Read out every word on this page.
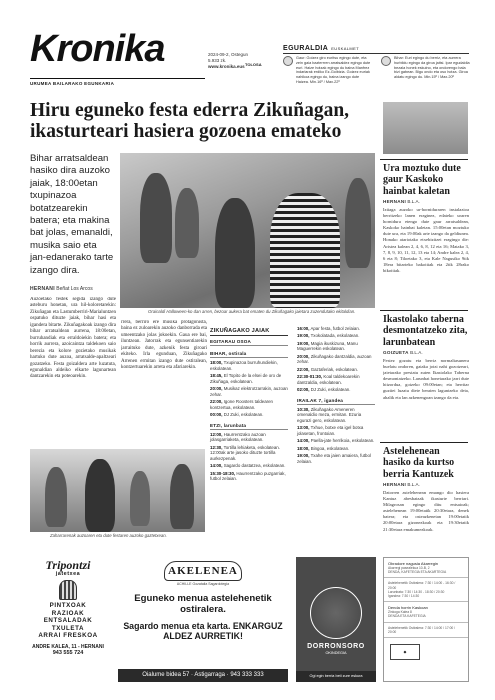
Kronika	2024-09-2, Ostegun
5.933 zk.
www.kronika.eus TOLOSA
URUMEA BAILARAKO EGUNKARIA
EGURALDIA EUSKALMET
Gaur: Goizez giro euritsu egingo dute, eta zein gaia bazterrren arratsaldez egingo dute euri. Haize hotzak egingo du baina Manfrez indarlarak erdiko Ez-Goibizia. Goizez euriak nahikoa egingo du, baina izango dute Haizea. Min.16º / Max.22º
Bihar: Euri egingo du berriz, eta aurrera hurbildu egingo da giroa jaitsi. Ipar egudaldia bezala honek eskuino, eta ondorengo bala bizi gabean. Bigu ondo eta oso hotza. Giroa aldatu egingo du. Min.15º / Max.20º
Hiru eguneko festa ederra Zikuñagan, ikasturteari hasiera gozoena emateko
Bihar arratsaldean hasiko dira auzoko jaiak, 18:00etan txupinazoa botatzearekin batera; eta makina bat jolas, emanaldi, musika saio eta jan-edanerako tarte izango dira.
HERNANI Beñat Los Arcos
Auzoetako festek segida izango dute asteburu honetan, ura hil-koloretarekin: Zikuñagan eta Lastumberriri-Marialuntzen ospatuko dituzte jaiak, bihar hasi eta igandera bitarte. Zikuñagakoak izango dira bihar arratsaldean aurrena, 18:00etan, burruhandiak eta erraldoiekin batera; eta horrik aurrera, azoicaintza taldekoen saio berezia eta kolore gozietako musikak hartuko dute auzoa, arratsalde-apaltzeari gozatzeko. Festa goizaldera arte luzatuta, egunaldian aldeiko elkarte lagunartean dantzarekin eta poteoarekin.
rrera, berriro ere musika protagonista, baina ez zuloarekin auzoko danborrada eta umeentzako jolas jokoekin. Gaua ere bai, iluntzean. Jatorrak eta egunsentiarekin jarraituko dute, azkenik festa giroari ekiteko. Irla egunduan, Zikuñagako Arrenen ermitan izango dute ostiralean, kontzertuarekin arreta eta afariarekin.
Orainaldi Halloween-ko dan arren, bezoar aukera bat ematen du Zikuñagako jaietara zuzendutako ekitaldian.
Zaharrarenak auzoaren eta dute festaren auzoko gaztetxean.
ZIKUÑAGAKO JAIAK
EGITARAU OSOA
BIHAR, ostirala
18:00, Txupinazoa burruhundiekin, eskolatean.
18:45, El Topito de la elsei de oro de Zikuñaga, eskolatean.
20:00, Musikaz elektrotzarrakin, auzoan zehar.
22:00, Igone Roosters taldearen kontzertua, eskolatean.
00:00, DJ Zuki, eskolatean.
ETZI, larunbata
12:00, Haurrentzako auzoan jolasgarriaketa, eskolatean.
12:30, Tortilla lehiaketa, eskolatean. 12:00ak arte jasoko dituzte tortilla aurkezpenak.
14:00, Sagardo dastatzea, eskolatean.
15:30-18:30, Haurrentzako puzgarriak, futbol zelaian.
16:00, Apar festa, futbol zelaian.
19:00, Txokolatada, eskolatean.
19:00, Magia ikuskizuna, Manu Maguerrekin eskolatean.
20:00, Zikuñagako dantzaldia, auzoan zehar.
22:00, Gaztaferiak, eskolatean.
22:30-01:30, Koal taldekoarekin dantzaldia, eskolatean.
02:00, DJ Zuki, eskolatean.
IRAILAK 7, igandea
10:30, Zikuñagako Ameneren omenaldio meza, ermitan. Ezuria egurazi gero, eskolatean.
13:00, Txhue, botxe eta igel botxa jolasetan, frontoian.
14:00, Paella-jate herrikoia, eskolatean.
18:00, Bingoa, eskolatean.
19:00, Txahe eta jaien amaiera, futbol zelaian.
Ura moztuko dute gaur Kaskoko hainbat kaletan
HERNANI B.L.A.
Iztiaga auzoko ur-horniduraren instalazioa berritzeko lanen eraginez, edateko uraren hornidura etengo dute gaur arratsaldean, Kaskoko hainbat kaletan. 15:00etan moztuko dute ura, eta 19:00ak arte izango da geldiunea. Honako atariotako etxebizitzei eragingo die: Aristea kalean 2, 4, 6, 8, 12 eta 16; Matako 3, 7, 8, 9, 10, 11, 12, 13 eta 14; Andre kalea 2, 4, 6 eta 8; Tiloetako 3, eta Kale Nagusiko 9tik 18era bitarteko bakoitiak eta 2tik 28rako bikoitiak.
Ikastolako taberna desmontatzeko zita, larunbatean
GOIZUETA B.L.A.
Festez gozatu eta berriz normaltasunera buelatu ondoren, gaiaka jotzi nahi gozotzeari, jaietarako prestatu zuten Ikastolako Taberna desmontatzeko. Larunbat honetarako jarri dute hitzordua, goizeko 09:00etan; eta herritar guztiei luzatu diete beraien laguntzeko deia, ahalik eta lan azkenengoan izango da eta.
Astelehenean hasiko da kurtso berria Kantuzek
HERNANI B.L.A.
Datorren astelehenean emango dio hasiera Kantuz abesbatzak ikasturte berriari. Milagrosan egingo ditu entsaioak; astelehenean 19:00etatik 20:30etara, denek batera; eta osteazkenetan 19:00etatik 20:00etara gizonezkoak eta 19:30etatik 21:30etara emakumezkoak.
Tripontzi
jatetxea
PINTXOAK
RAZIOAK
ENTSALADAK
TXULETA
ARRAI FRESKOA
ANDRE KALEA, 11 - HERNANI
943 555 724
AKELENEA
ACHILLE Gozatalia Sagardotegia
Eguneko menua astelehenetik ostiralera.
Sagardo menua eta karta. ENKARGUZ ALDEZ AURRETIK!
Oialume bidea 57 · Astigarraga · 943 333 333
DORRONSORO
OKINDEGIA
Ogi egin berria beti zure eskura
Obradore nagusia Akarregin
Akarregi pasealekua 10-B, 2
DENDA, KAFETEGIA ETA AKARTEGIA
Astelehenetik Ostiralera: 7:30 / 14:00 - 16:30 / 20:00
Larunbata: 7:30 / 14:30 - 18:30 / 20:30
Igandea: 7:30 / 14:30
Denda horrin Kaskoan
Zinkoga Kalea 8
DENDA ETA KAFETEGIA
Astelehenetik Ostiralera: 7:30 / 14:00 / 17:00 / 20:00
◆
